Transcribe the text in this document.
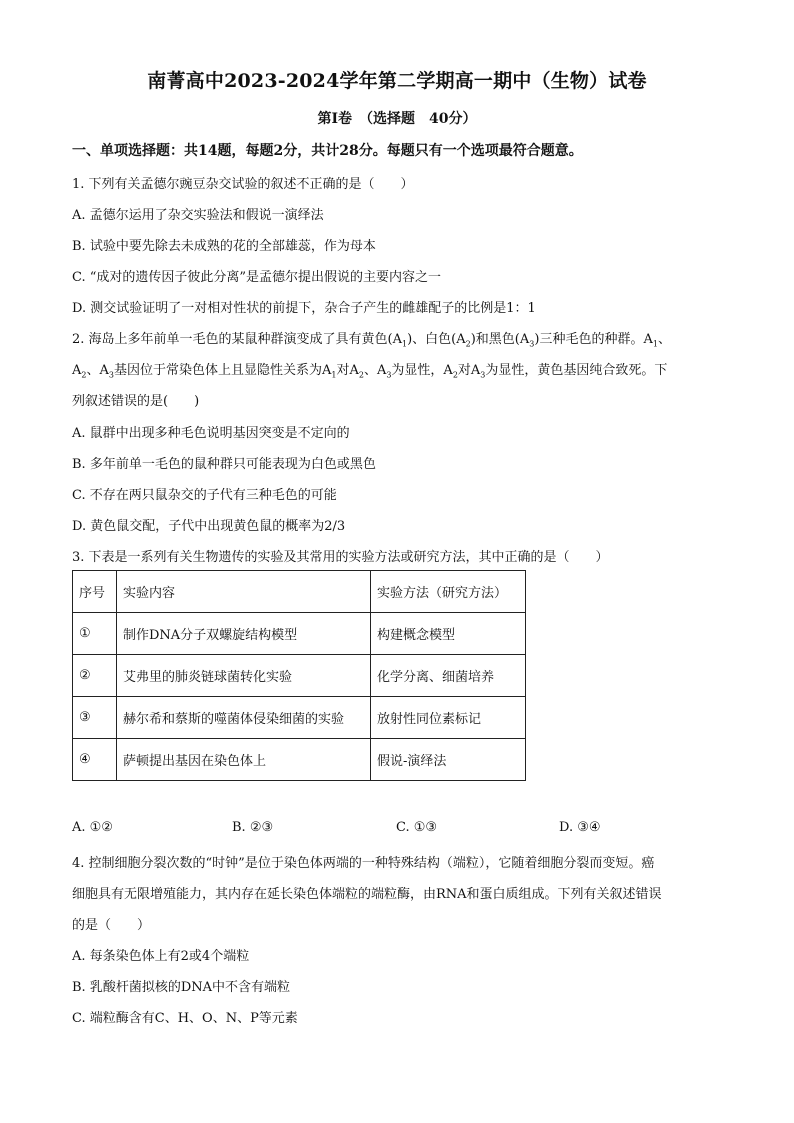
南菁高中2023-2024学年第二学期高一期中（生物）试卷
第Ⅰ卷　（选择题　40分）
一、单项选择题：共14题，每题2分，共计28分。每题只有一个选项最符合题意。
1. 下列有关孟德尔豌豆杂交试验的叙述不正确的是（　　）
A. 孟德尔运用了杂交实验法和假说一演绎法
B. 试验中要先除去未成熟的花的全部雄蕊，作为母本
C. “成对的遗传因子彼此分离”是孟德尔提出假说的主要内容之一
D. 测交试验证明了一对相对性状的前提下，杂合子产生的雌雄配子的比例是1：1
2. 海岛上多年前单一毛色的某鼠种群演变成了具有黄色$(A_1)$、白色$(A_2)$和黑色$(A_3)$三种毛色的种群。$A_1$、
$A_2$、$A_3$基因位于常染色体上且显隐性关系为$A_1$对$A_2$、$A_3$为显性，$A_2$对$A_3$为显性，黄色基因纯合致死。下
列叙述错误的是(　　)
A. 鼠群中出现多种毛色说明基因突变是不定向的
B. 多年前单一毛色的鼠种群只可能表现为白色或黑色
C. 不存在两只鼠杂交的子代有三种毛色的可能
D. 黄色鼠交配，子代中出现黄色鼠的概率为2/3
3. 下表是一系列有关生物遗传的实验及其常用的实验方法或研究方法，其中正确的是（　　）
序号	实验内容	实验方法（研究方法）
①	制作DNA分子双螺旋结构模型	构建概念模型
②	艾弗里的肺炎链球菌转化实验	化学分离、细菌培养
③	赫尔希和蔡斯的噬菌体侵染细菌的实验	放射性同位素标记
④	萨顿提出基因在染色体上	假说-演绎法
A. ①②	B. ②③	C. ①③	D. ③④
4. 控制细胞分裂次数的“时钟”是位于染色体两端的一种特殊结构（端粒），它随着细胞分裂而变短。癌
细胞具有无限增殖能力，其内存在延长染色体端粒的端粒酶，由RNA和蛋白质组成。下列有关叙述错误
的是（　　）
A. 每条染色体上有2或4个端粒
B. 乳酸杆菌拟核的DNA中不含有端粒
C. 端粒酶含有C、H、O、N、P等元素
